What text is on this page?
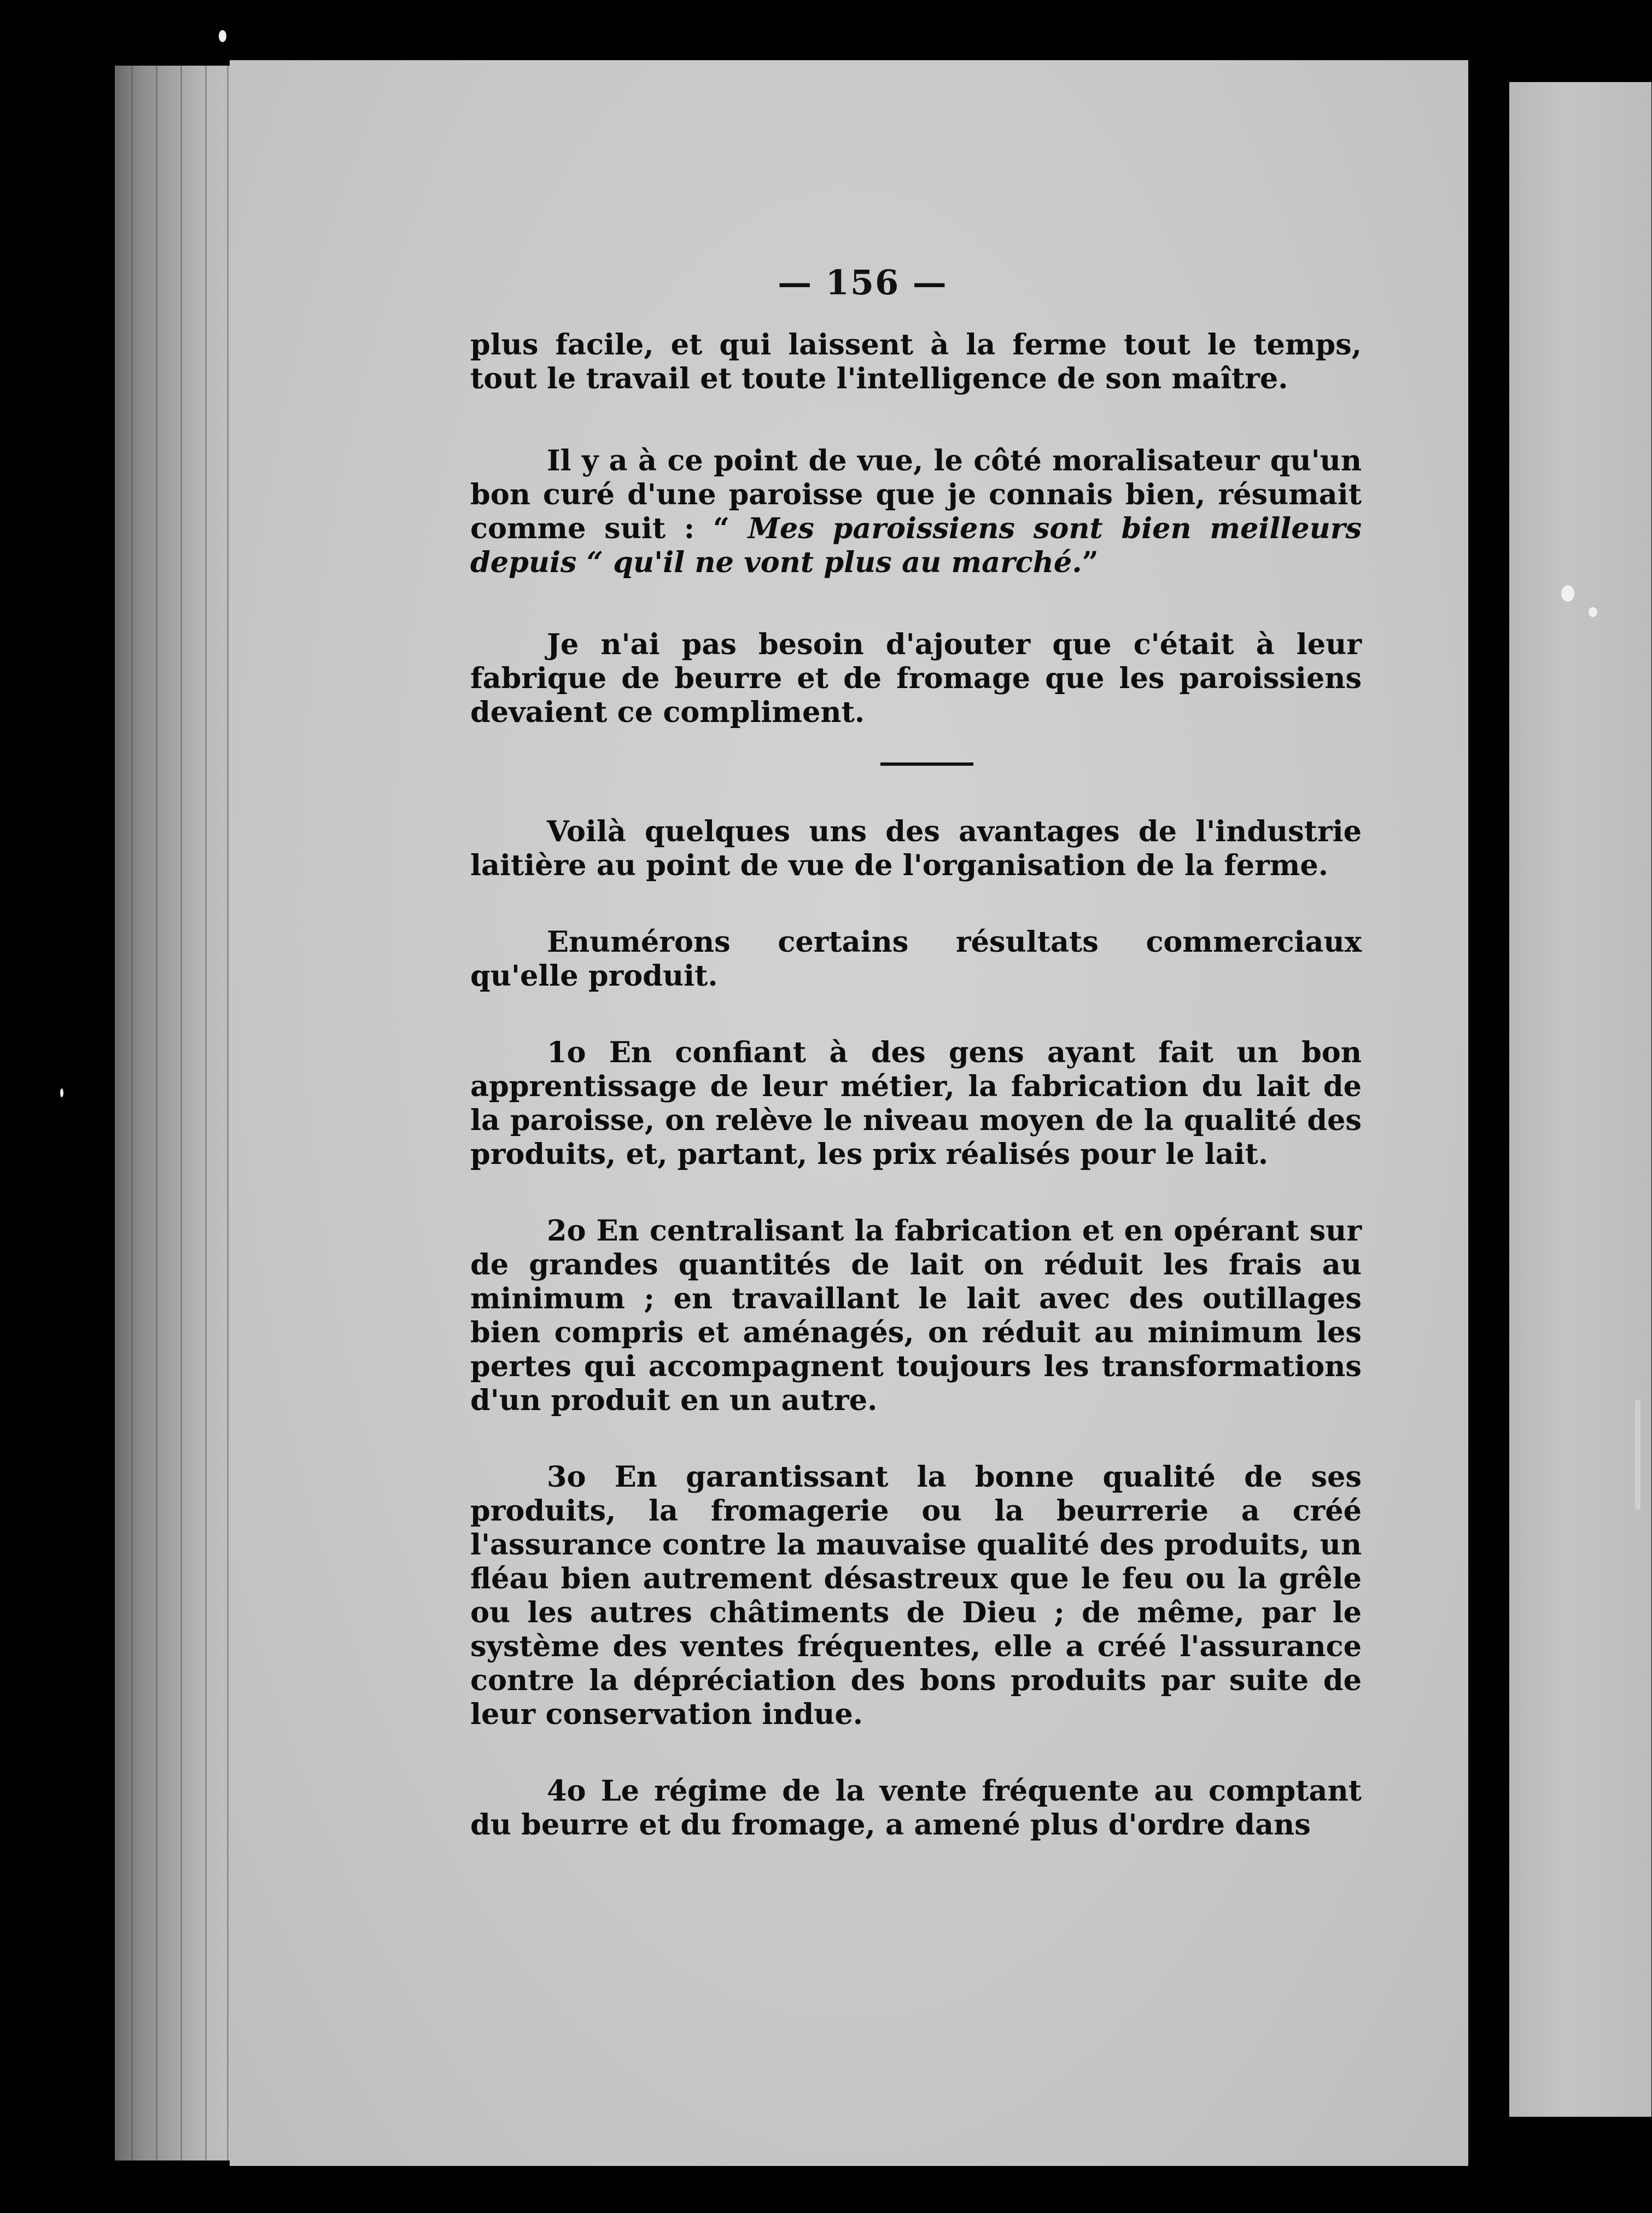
— 156 —

plus facile, et qui laissent à la ferme tout le temps, tout le travail et toute l'intelligence de son maître.

Il y a à ce point de vue, le côté moralisateur qu'un bon curé d'une paroisse que je connais bien, résumait comme suit : “ Mes paroissiens sont bien meilleurs depuis “ qu'il ne vont plus au marché.”

Je n'ai pas besoin d'ajouter que c'était à leur fabrique de beurre et de fromage que les paroissiens devaient ce compliment.

Voilà quelques uns des avantages de l'industrie laitière au point de vue de l'organisation de la ferme.

Enumérons certains résultats commerciaux qu'elle produit.

1o En confiant à des gens ayant fait un bon apprentissage de leur métier, la fabrication du lait de la paroisse, on relève le niveau moyen de la qualité des produits, et, partant, les prix réalisés pour le lait.

2o En centralisant la fabrication et en opérant sur de grandes quantités de lait on réduit les frais au minimum ; en travaillant le lait avec des outillages bien compris et aménagés, on réduit au minimum les pertes qui accompagnent toujours les transformations d'un produit en un autre.

3o En garantissant la bonne qualité de ses produits, la fromagerie ou la beurrerie a créé l'assurance contre la mauvaise qualité des produits, un fléau bien autrement désastreux que le feu ou la grêle ou les autres châtiments de Dieu ; de même, par le système des ventes fréquentes, elle a créé l'assurance contre la dépréciation des bons produits par suite de leur conservation indue.

4o Le régime de la vente fréquente au comptant du beurre et du fromage, a amené plus d'ordre dans
